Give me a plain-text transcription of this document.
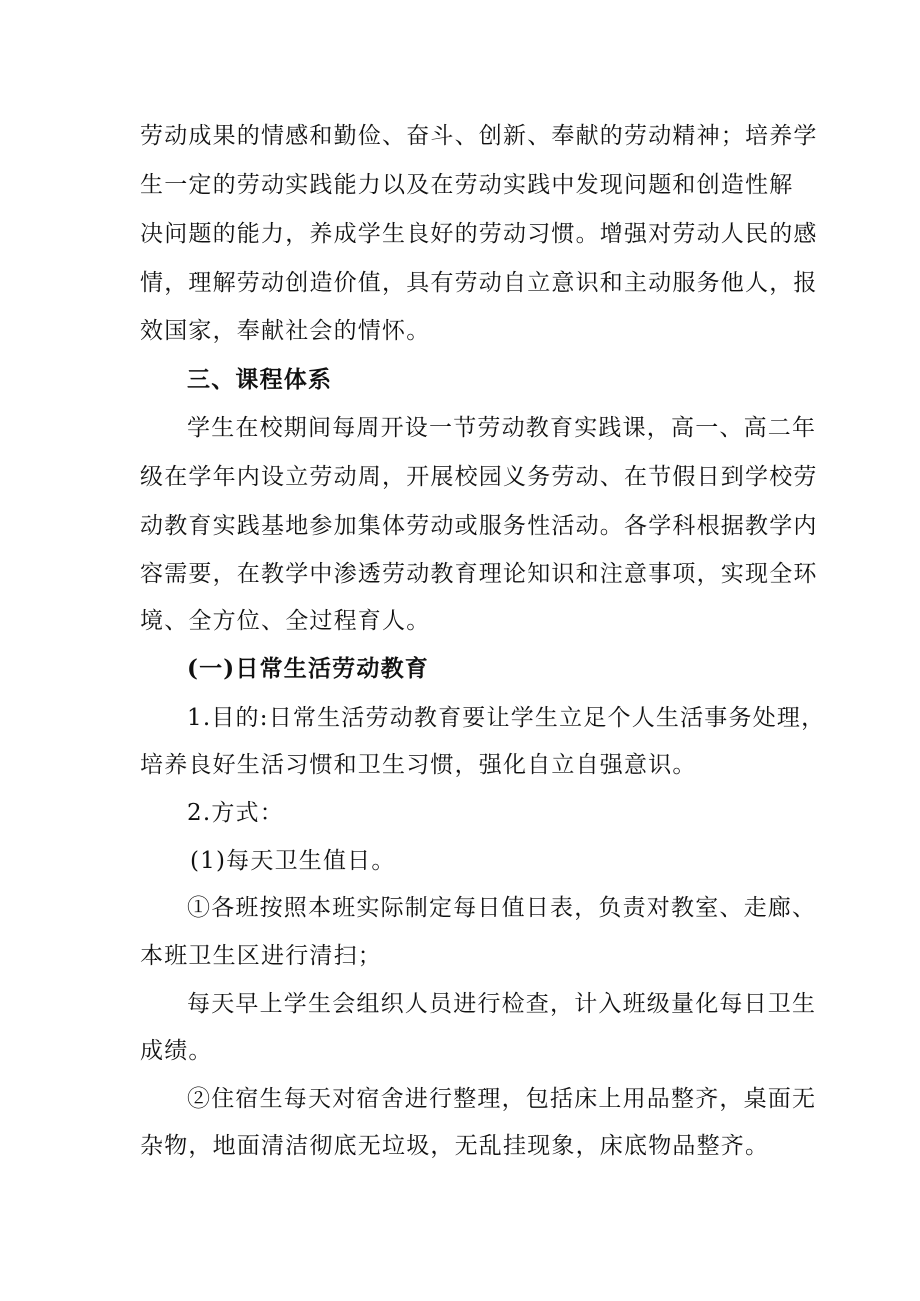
劳动成果的情感和勤俭、奋斗、创新、奉献的劳动精神；培养学

生一定的劳动实践能力以及在劳动实践中发现问题和创造性解

决问题的能力，养成学生良好的劳动习惯。增强对劳动人民的感

情，理解劳动创造价值，具有劳动自立意识和主动服务他人，报

效国家，奉献社会的情怀。

三、课程体系

学生在校期间每周开设一节劳动教育实践课，高一、高二年

级在学年内设立劳动周，开展校园义务劳动、在节假日到学校劳

动教育实践基地参加集体劳动或服务性活动。各学科根据教学内

容需要，在教学中渗透劳动教育理论知识和注意事项，实现全环

境、全方位、全过程育人。

(一)日常生活劳动教育

1.目的:日常生活劳动教育要让学生立足个人生活事务处理，

培养良好生活习惯和卫生习惯，强化自立自强意识。

2.方式：

(1)每天卫生值日。

①各班按照本班实际制定每日值日表，负责对教室、走廊、

本班卫生区进行清扫；

每天早上学生会组织人员进行检查，计入班级量化每日卫生

成绩。

②住宿生每天对宿舍进行整理，包括床上用品整齐，桌面无

杂物，地面清洁彻底无垃圾，无乱挂现象，床底物品整齐。
